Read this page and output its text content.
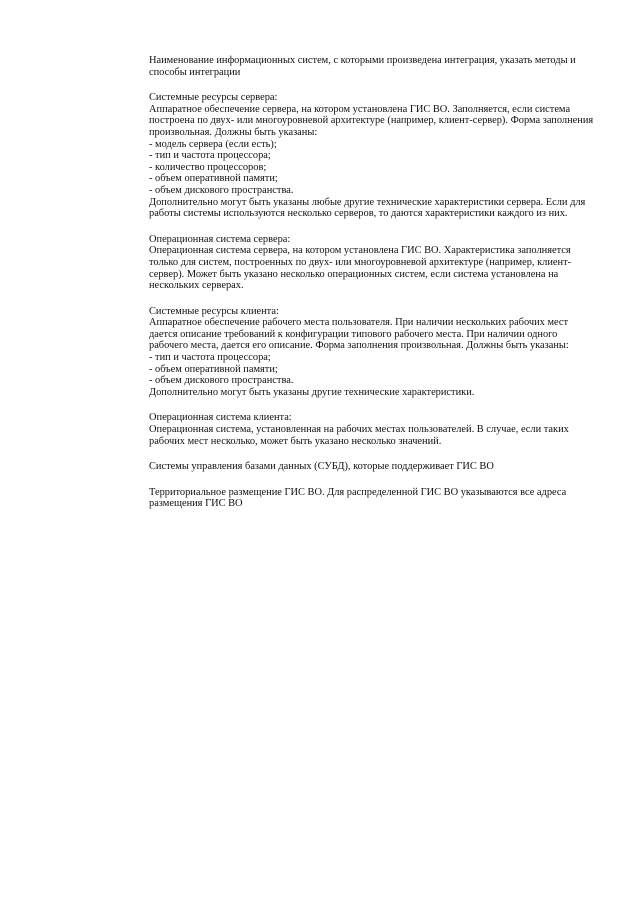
Наименование информационных систем, с которыми произведена интеграция, указать методы и
способы интеграции
Системные ресурсы сервера:
Аппаратное обеспечение сервера, на котором установлена ГИС ВО. Заполняется, если система
построена по двух- или многоуровневой архитектуре (например, клиент-сервер). Форма заполнения
произвольная. Должны быть указаны:
- модель сервера (если есть);
- тип и частота процессора;
- количество процессоров;
- объем оперативной памяти;
- объем дискового пространства.
Дополнительно могут быть указаны любые другие технические характеристики сервера. Если для
работы системы используются несколько серверов, то даются характеристики каждого из них.
Операционная система сервера:
Операционная система сервера, на котором установлена ГИС ВО. Характеристика заполняется
только для систем, построенных по двух- или многоуровневой архитектуре (например, клиент-
сервер). Может быть указано несколько операционных систем, если система установлена на
нескольких серверах.
Системные ресурсы клиента:
Аппаратное обеспечение рабочего места пользователя. При наличии нескольких рабочих мест
дается описание требований к конфигурации типового рабочего места. При наличии одного
рабочего места, дается его описание. Форма заполнения произвольная. Должны быть указаны:
- тип и частота процессора;
- объем оперативной памяти;
- объем дискового пространства.
Дополнительно могут быть указаны другие технические характеристики.
Операционная система клиента:
Операционная система, установленная на рабочих местах пользователей. В случае, если таких
рабочих мест несколько, может быть указано несколько значений.
Системы управления базами данных (СУБД), которые поддерживает ГИС ВО
Территориальное размещение ГИС ВО. Для распределенной ГИС ВО указываются все адреса
размещения ГИС ВО
